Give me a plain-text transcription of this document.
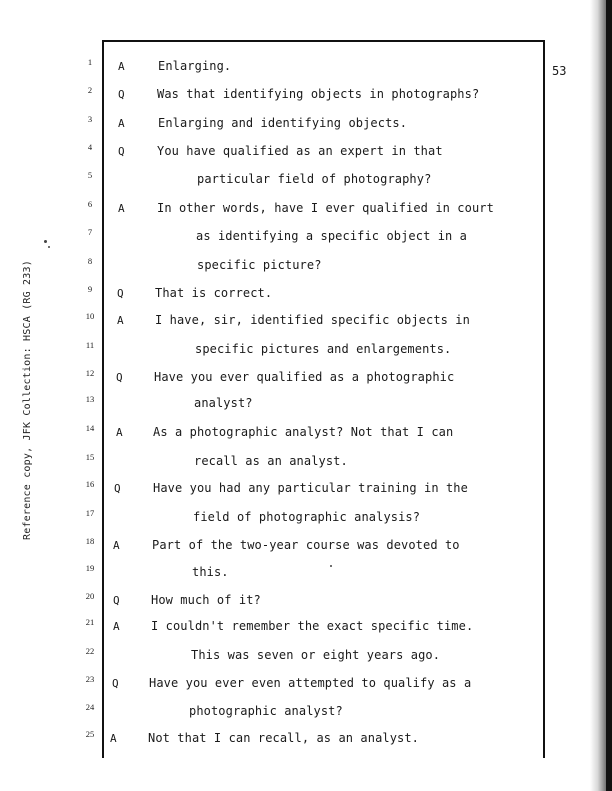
Reference copy, JFK Collection: HSCA (RG 233)
53
1	A	Enlarging.
2	Q	Was that identifying objects in photographs?
3	A	Enlarging and identifying objects.
4	Q	You have qualified as an expert in that
5	particular field of photography?
6	A	In other words, have I ever qualified in court
7	as identifying a specific object in a
8	specific picture?
9	Q	That is correct.
10	A	I have, sir, identified specific objects in
11	specific pictures and enlargements.
12	Q	Have you ever qualified as a photographic
13	analyst?
14	A	As a photographic analyst? Not that I can
15	recall as an analyst.
16	Q	Have you had any particular training in the
17	field of photographic analysis?
18	A	Part of the two-year course was devoted to
19	this.
20	Q	How much of it?
21	A	I couldn't remember the exact specific time.
22	This was seven or eight years ago.
23	Q	Have you ever even attempted to qualify as a
24	photographic analyst?
25	A	Not that I can recall, as an analyst.
